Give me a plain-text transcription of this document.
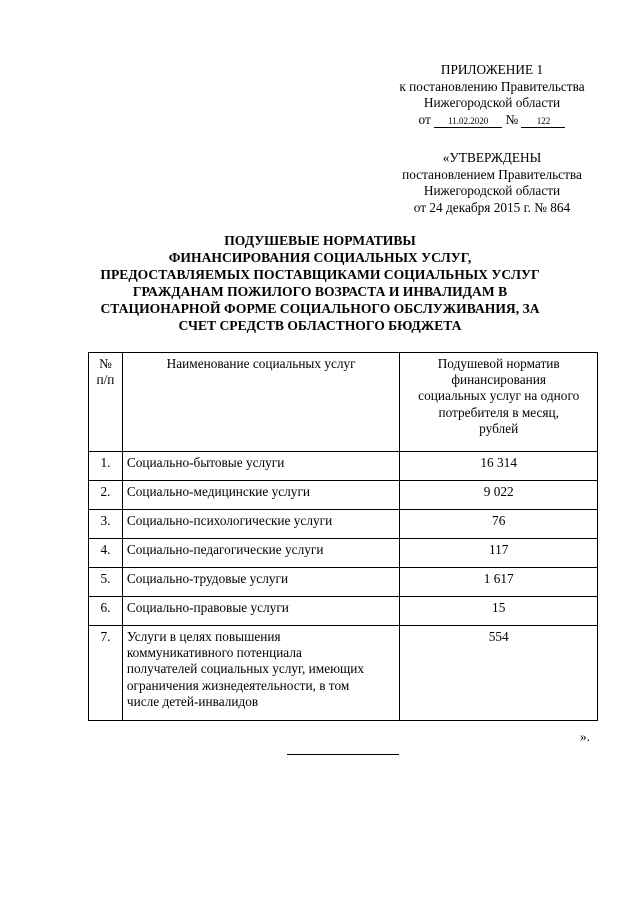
ПРИЛОЖЕНИЕ 1
к постановлению Правительства
Нижегородской области
от 11.02.2020 № 122
«УТВЕРЖДЕНЫ
постановлением Правительства
Нижегородской области
от 24 декабря 2015 г. № 864
ПОДУШЕВЫЕ НОРМАТИВЫ
ФИНАНСИРОВАНИЯ СОЦИАЛЬНЫХ УСЛУГ,
ПРЕДОСТАВЛЯЕМЫХ ПОСТАВЩИКАМИ СОЦИАЛЬНЫХ УСЛУГ
ГРАЖДАНАМ ПОЖИЛОГО ВОЗРАСТА И ИНВАЛИДАМ В
СТАЦИОНАРНОЙ ФОРМЕ СОЦИАЛЬНОГО ОБСЛУЖИВАНИЯ, ЗА
СЧЕТ СРЕДСТВ ОБЛАСТНОГО БЮДЖЕТА
№
п/п	Наименование социальных услуг	Подушевой норматив
финансирования
социальных услуг на одного
потребителя в месяц,
рублей

1.	Социально-бытовые услуги	16 314
2.	Социально-медицинские услуги	9 022
3.	Социально-психологические услуги	76
4.	Социально-педагогические услуги	117
5.	Социально-трудовые услуги	1 617
6.	Социально-правовые услуги	15
7.	Услуги в целях повышения
коммуникативного потенциала
получателей социальных услуг, имеющих
ограничения жизнедеятельности, в том
числе детей-инвалидов	554
».
